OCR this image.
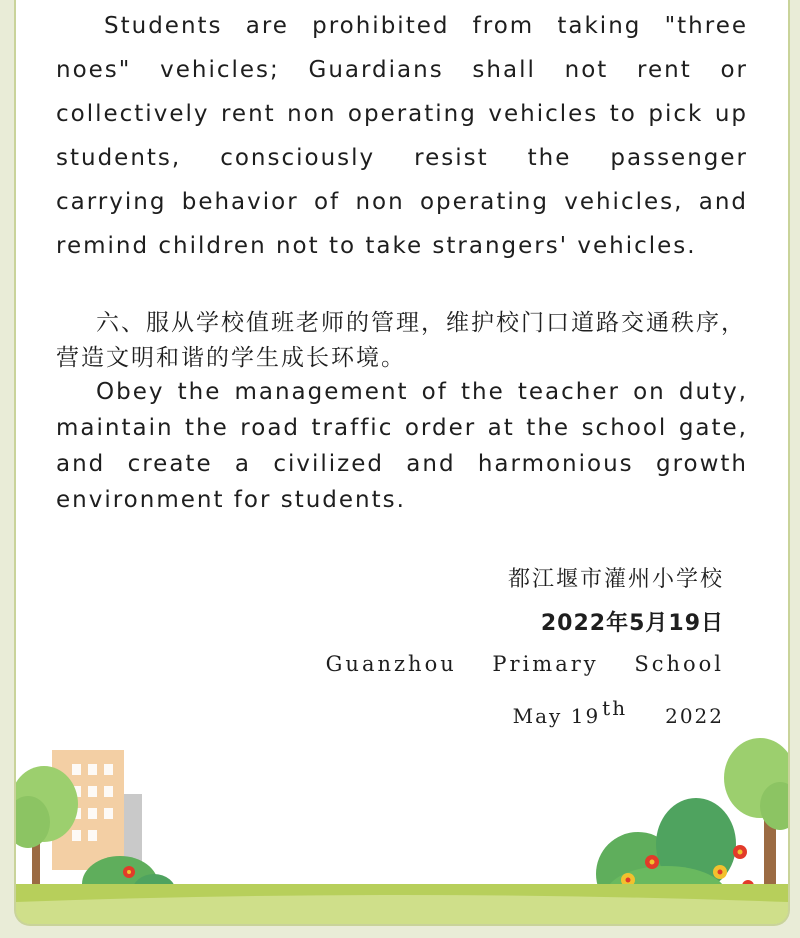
Students are prohibited from taking "three noes" vehicles; Guardians shall not rent or collectively rent non operating vehicles to pick up students, consciously resist the passenger carrying behavior of non operating vehicles, and remind children not to take strangers' vehicles.

六、服从学校值班老师的管理，维护校门口道路交通秩序， 营造文明和谐的学生成长环境。

Obey the management of the teacher on duty, maintain the road traffic order at the school gate, and create a civilized and harmonious growth environment for students.

都江堰市灌州小学校

2022年5月19日

Guanzhou Primary School

May 19 $^{th}$ 2022
